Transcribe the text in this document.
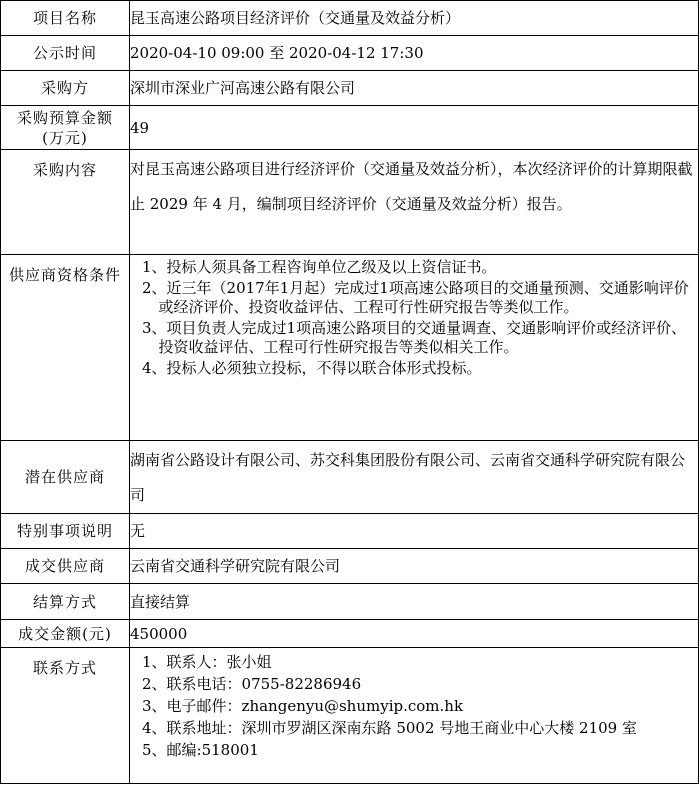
项目名称	昆玉高速公路项目经济评价（交通量及效益分析）
公示时间	2020-04-10 09:00 至 2020-04-12 17:30
采购方	深圳市深业广河高速公路有限公司

采购预算金额
(万元)	49
采购内容	对昆玉高速公路项目进行经济评价（交通量及效益分析），本次经济评价的计算期限截止 2029 年 4 月，编制项目经济评价（交通量及效益分析）报告。
供应商资格条件	1、投标人须具备工程咨询单位乙级及以上资信证书。
2、近三年（2017年1月起）完成过1项高速公路项目的交通量预测、交通影响评价或经济评价、投资收益评估、工程可行性研究报告等类似工作。
3、项目负责人完成过1项高速公路项目的交通量调查、交通影响评价或经济评价、投资收益评估、工程可行性研究报告等类似相关工作。
4、投标人必须独立投标，不得以联合体形式投标。

潜在供应商	湖南省公路设计有限公司、苏交科集团股份有限公司、云南省交通科学研究院有限公司
特别事项说明	无
成交供应商	云南省交通科学研究院有限公司
结算方式	直接结算
成交金额(元)	450000
联系方式	1、联系人：张小姐
2、联系电话：0755-82286946
3、电子邮件：zhangenyu@shumyip.com.hk
4、联系地址：深圳市罗湖区深南东路 5002 号地王商业中心大楼 2109 室
5、邮编:518001
